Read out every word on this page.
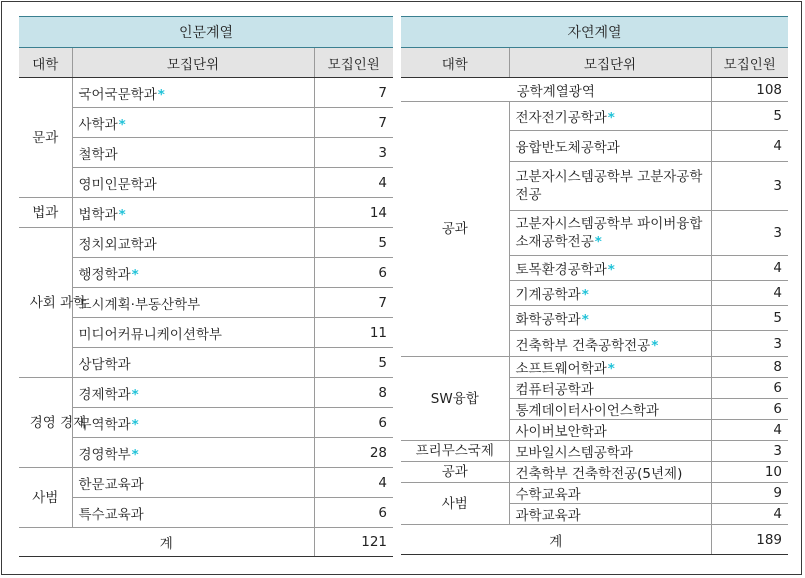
인문계열		
대학	모집단위	모집인원
문과	국어국문학과*	7
	사학과*	7
	철학과	3
	영미인문학과	4
법과	법학과*	14
사회 과학	정치외교학과	5
	행정학과*	6
	도시계획·부동산학부	7
	미디어커뮤니케이션학부	11
	상담학과	5
경영 경제	경제학과*	8
	무역학과*	6
	경영학부*	28
사범	한문교육과	4
	특수교육과	6
계		121
자연계열		
대학	모집단위	모집인원
공학계열광역		108
공과	전자전기공학과*	5
	융합반도체공학과	4
	고분자시스템공학부 고분자공학전공	3
	고분자시스템공학부 파이버융합소재공학전공*	3
	토목환경공학과*	4
	기계공학과*	4
	화학공학과*	5
	건축학부 건축공학전공*	3
SW융합	소프트웨어학과*	8
	컴퓨터공학과	6
	통계데이터사이언스학과	6
	사이버보안학과	4
프리무스국제	모바일시스템공학과	3
공과	건축학부 건축학전공(5년제)	10
사범	수학교육과	9
	과학교육과	4
계		189
